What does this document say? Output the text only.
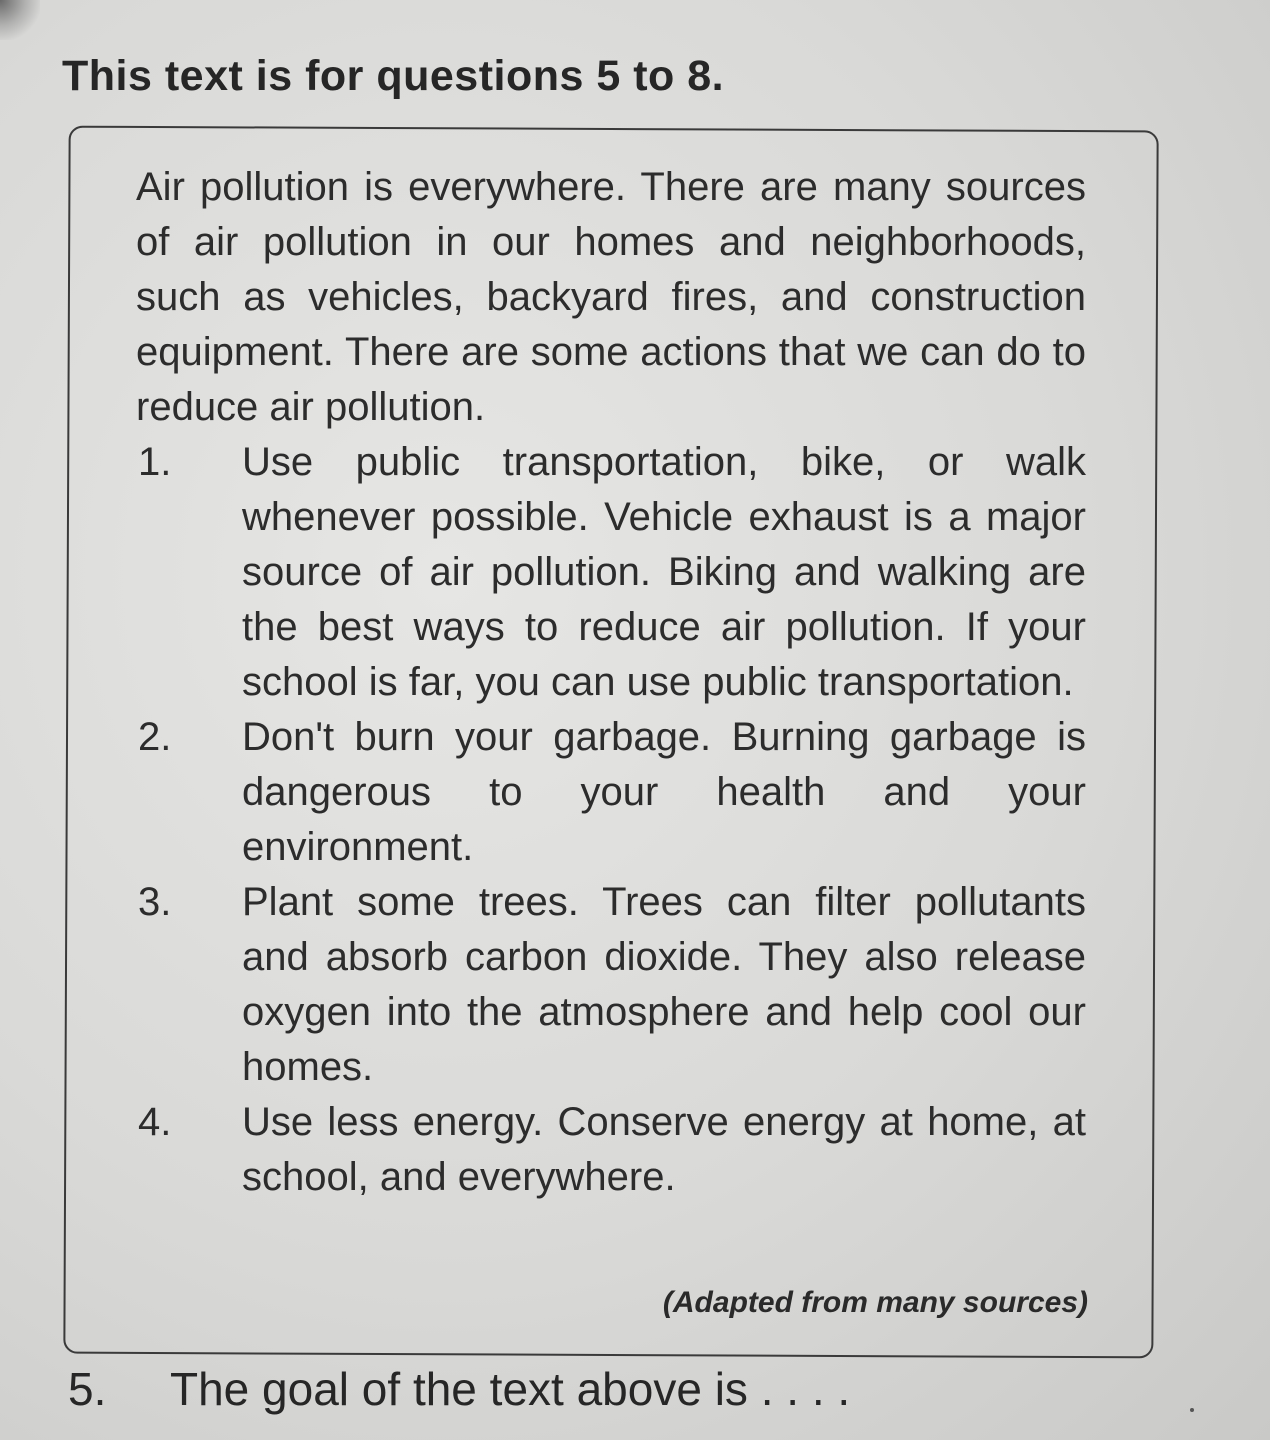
This text is for questions 5 to 8.

Air pollution is everywhere. There are many sources of air pollution in our homes and neighborhoods, such as vehicles, backyard fires, and construction equipment. There are some actions that we can do to reduce air pollution.

1. Use public transportation, bike, or walk whenever possible. Vehicle exhaust is a major source of air pollution. Biking and walking are the best ways to reduce air pollution. If your school is far, you can use public transportation.
2. Don't burn your garbage. Burning garbage is dangerous to your health and your environment.
3. Plant some trees. Trees can filter pollutants and absorb carbon dioxide. They also release oxygen into the atmosphere and help cool our homes.
4. Use less energy. Conserve energy at home, at school, and everywhere.
(Adapted from many sources)
5. The goal of the text above is . . . .
